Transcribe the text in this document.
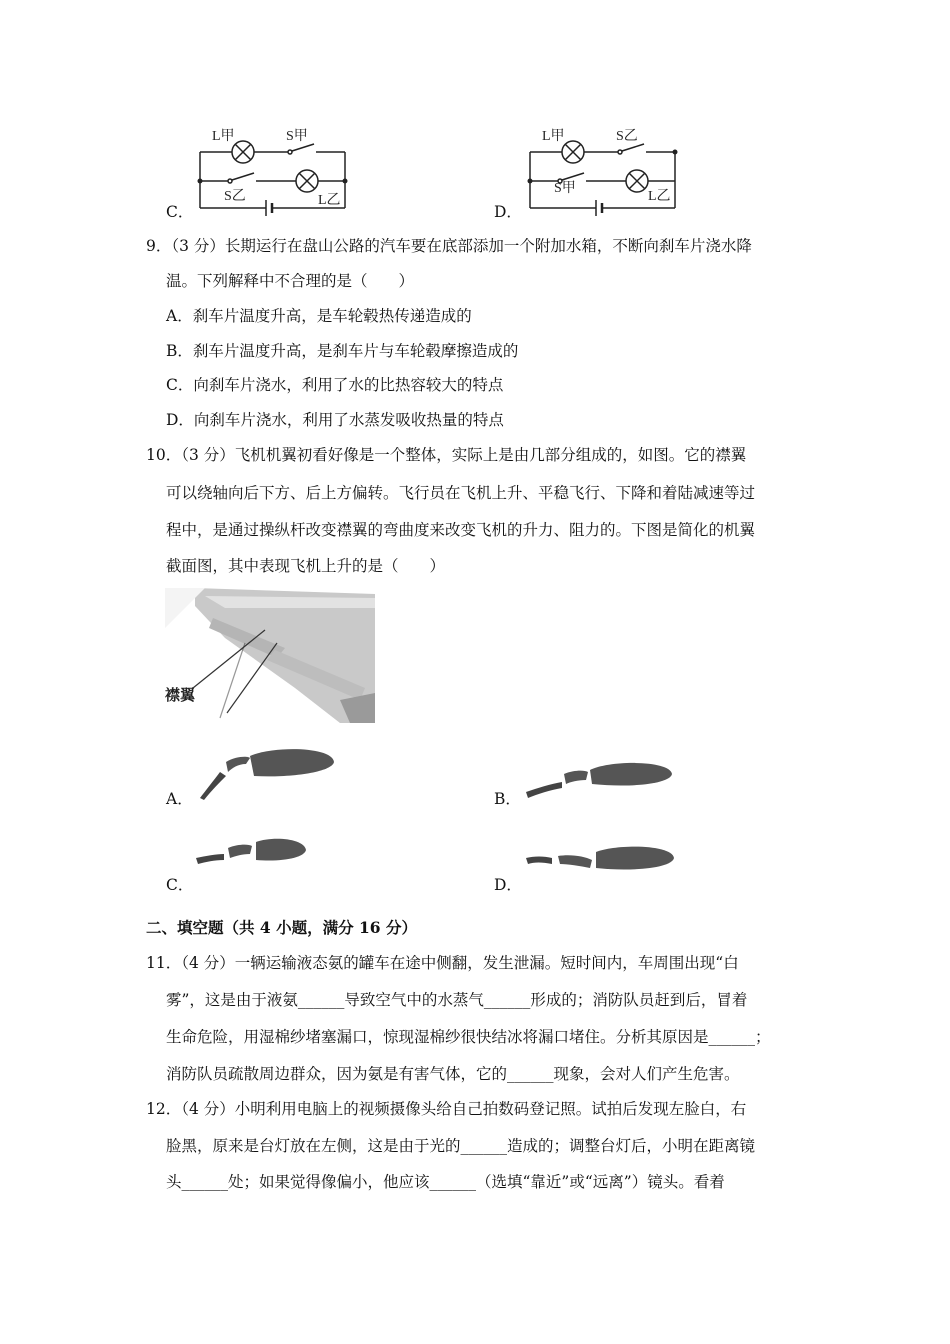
C．
L甲	S甲
S乙	L乙
D．
L甲	S乙
S甲
L乙
9．（3 分）长期运行在盘山公路的汽车要在底部添加一个附加水箱，不断向刹车片浇水降
温。下列解释中不合理的是（　　）
A．刹车片温度升高，是车轮毂热传递造成的
B．刹车片温度升高，是刹车片与车轮毂摩擦造成的
C．向刹车片浇水，利用了水的比热容较大的特点
D．向刹车片浇水，利用了水蒸发吸收热量的特点
10．（3 分）飞机机翼初看好像是一个整体，实际上是由几部分组成的，如图。它的襟翼
可以绕轴向后下方、后上方偏转。飞行员在飞机上升、平稳飞行、下降和着陆减速等过
程中，是通过操纵杆改变襟翼的弯曲度来改变飞机的升力、阻力的。下图是简化的机翼
截面图，其中表现飞机上升的是（　　）
襟翼
A．	B．
C．	D．
二、填空题（共 4 小题，满分 16 分）
11．（4 分）一辆运输液态氨的罐车在途中侧翻，发生泄漏。短时间内，车周围出现“白
雾”，这是由于液氨______导致空气中的水蒸气______形成的；消防队员赶到后，冒着
生命危险，用湿棉纱堵塞漏口，惊现湿棉纱很快结冰将漏口堵住。分析其原因是______；
消防队员疏散周边群众，因为氨是有害气体，它的______现象，会对人们产生危害。
12．（4 分）小明利用电脑上的视频摄像头给自己拍数码登记照。试拍后发现左脸白，右
脸黑，原来是台灯放在左侧，这是由于光的______造成的；调整台灯后，小明在距离镜
头______处；如果觉得像偏小，他应该______（选填“靠近”或“远离”）镜头。看着
